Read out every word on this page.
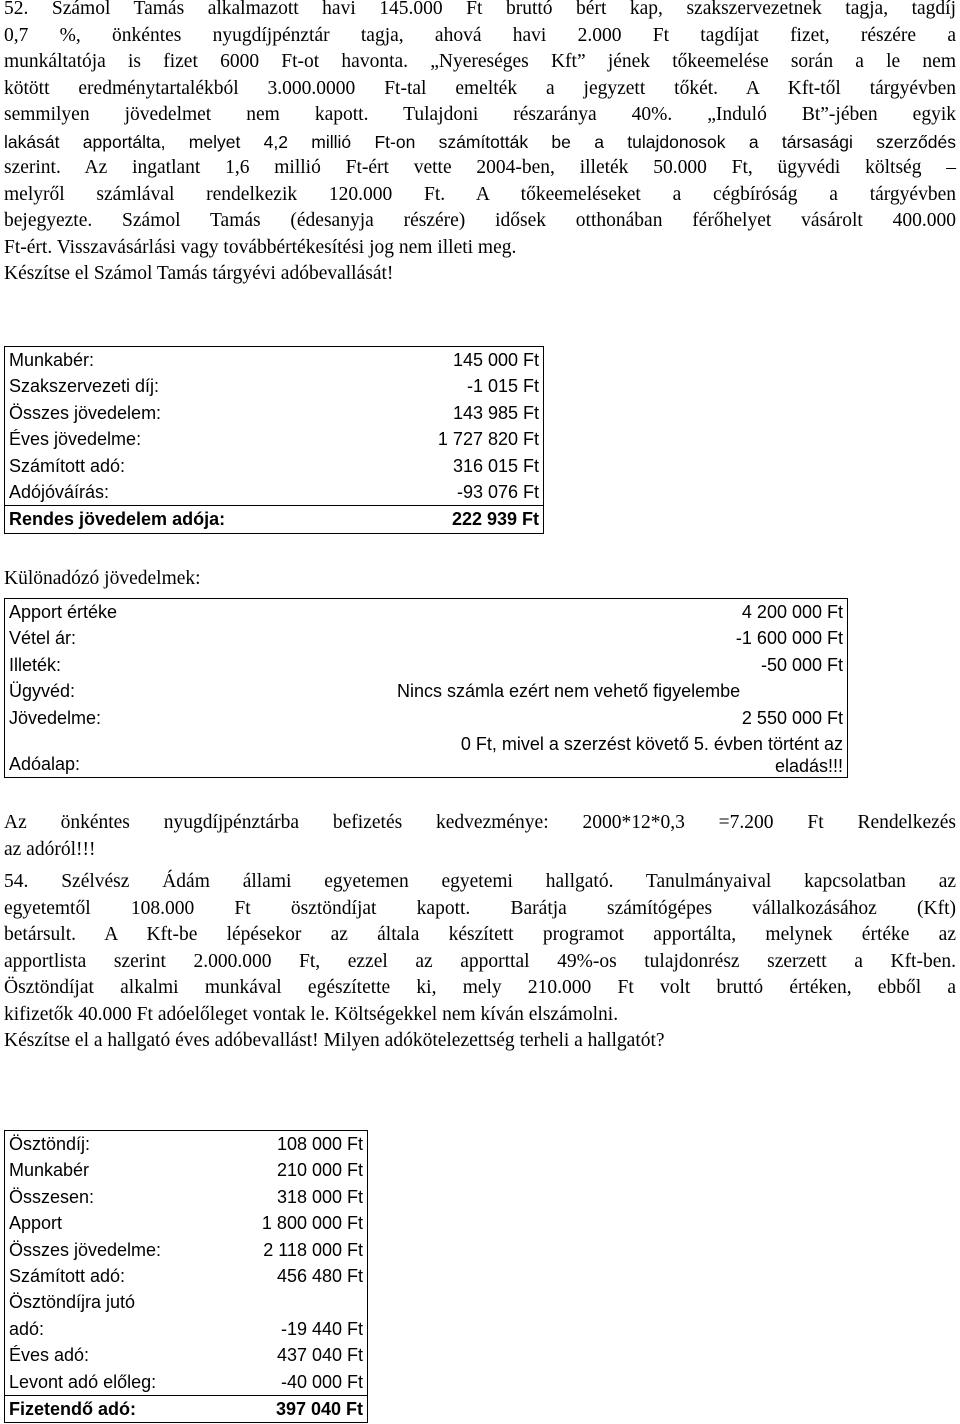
52. Számol Tamás alkalmazott havi 145.000 Ft bruttó bért kap, szakszervezetnek tagja, tagdíj
0,7 %, önkéntes nyugdíjpénztár tagja, ahová havi 2.000 Ft tagdíjat fizet, részére a
munkáltatója is fizet 6000 Ft-ot havonta. „Nyereséges Kft” jének tőkeemelése során a le nem
kötött eredménytartalékból 3.000.0000 Ft-tal emelték a jegyzett tőkét. A Kft-től tárgyévben
semmilyen jövedelmet nem kapott. Tulajdoni részaránya 40%. „Induló Bt”-jében egyik
lakását apportálta, melyet 4,2 millió Ft-on számították be a tulajdonosok a társasági szerződés
szerint. Az ingatlant 1,6 millió Ft-ért vette 2004-ben, illeték 50.000 Ft, ügyvédi költség –
melyről számlával rendelkezik 120.000 Ft. A tőkeemeléseket a cégbíróság a tárgyévben
bejegyezte. Számol Tamás (édesanyja részére) idősek otthonában férőhelyet vásárolt 400.000
Ft-ért. Visszavásárlási vagy továbbértékesítési jog nem illeti meg.
Készítse el Számol Tamás tárgyévi adóbevallását!

Munkabér:	145 000 Ft
Szakszervezeti díj:	-1 015 Ft
Összes jövedelem:	143 985 Ft
Éves jövedelme:	1 727 820 Ft
Számított adó:	316 015 Ft
Adójóváírás:	-93 076 Ft
Rendes jövedelem adója:	222 939 Ft
Különadózó jövedelmek:
Apport értéke	4 200 000 Ft
Vétel ár:	-1 600 000 Ft
Illeték:	-50 000 Ft
Ügyvéd:	Nincs számla ezért nem vehető figyelembe
Jövedelme:	2 550 000 Ft
Adóalap:	0 Ft, mivel a szerzést követő 5. évben történt az
eladás!!!

Az önkéntes nyugdíjpénztárba befizetés kedvezménye: 2000*12*0,3 =7.200 Ft Rendelkezés
az adóról!!!

54. Szélvész Ádám állami egyetemen egyetemi hallgató. Tanulmányaival kapcsolatban az
egyetemtől 108.000 Ft ösztöndíjat kapott. Barátja számítógépes vállalkozásához (Kft)
betársult. A Kft-be lépésekor az általa készített programot apportálta, melynek értéke az
apportlista szerint 2.000.000 Ft, ezzel az apporttal 49%-os tulajdonrész szerzett a Kft-ben.
Ösztöndíjat alkalmi munkával egészítette ki, mely 210.000 Ft volt bruttó értéken, ebből a
kifizetők 40.000 Ft adóelőleget vontak le. Költségekkel nem kíván elszámolni.
Készítse el a hallgató éves adóbevallást! Milyen adókötelezettség terheli a hallgatót?

Ösztöndíj:	108 000 Ft
Munkabér	210 000 Ft
Összesen:	318 000 Ft
Apport	1 800 000 Ft
Összes jövedelme:	2 118 000 Ft
Számított adó:	456 480 Ft
Ösztöndíjra jutó	
adó:	-19 440 Ft
Éves adó:	437 040 Ft
Levont adó előleg:	-40 000 Ft
Fizetendő adó:	397 040 Ft
